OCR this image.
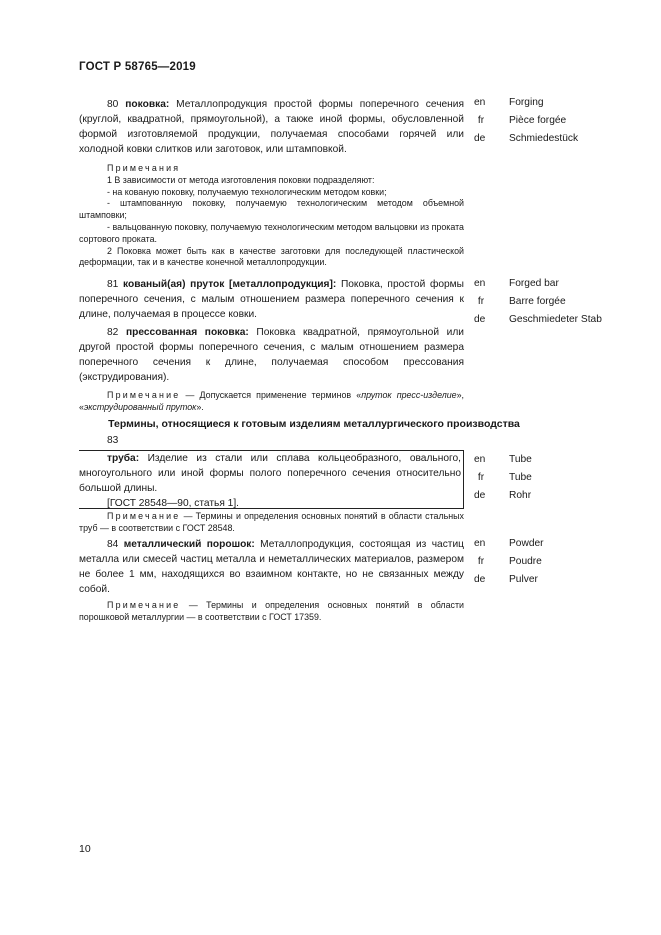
ГОСТ Р 58765—2019
80 поковка: Металлопродукция простой формы поперечного сечения (круглой, квадратной, прямоугольной), а также иной формы, обусловленной формой изготовляемой продукции, получаемая способами горячей или холодной ковки слитков или заготовок, или штамповкой.
en	Forging
fr	Pièce forgée
de	Schmiedestück
Примечания
1 В зависимости от метода изготовления поковки подразделяют:
- на кованую поковку, получаемую технологическим методом ковки;
- штампованную поковку, получаемую технологическим методом объемной штамповки;
- вальцованную поковку, получаемую технологическим методом вальцовки из проката сортового проката.
2 Поковка может быть как в качестве заготовки для последующей пластической деформации, так и в качестве конечной металлопродукции.
81 кованый(ая) пруток [металлопродукция]: Поковка, простой формы поперечного сечения, с малым отношением размера поперечного сечения к длине, получаемая в процессе ковки.
en	Forged bar
fr	Barre forgée
de	Geschmiedeter Stab
82 прессованная поковка: Поковка квадратной, прямоугольной или другой простой формы поперечного сечения, с малым отношением размера поперечного сечения к длине, получаемая способом прессования (экструдирования).
Примечание — Допускается применение терминов «пруток пресс-изделие», «экструдированный пруток».
Термины, относящиеся к готовым изделиям металлургического производства
83
труба: Изделие из стали или сплава кольцеобразного, овального, многоугольного или иной формы полого поперечного сечения относительно большой длины.
[ГОСТ 28548—90, статья 1].
en	Tube
fr	Tube
de	Rohr
Примечание — Термины и определения основных понятий в области стальных труб — в соответствии с ГОСТ 28548.
84 металлический порошок: Металлопродукция, состоящая из частиц металла или смесей частиц металла и неметаллических материалов, размером не более 1 мм, находящихся во взаимном контакте, но не связанных между собой.
en	Powder
fr	Poudre
de	Pulver
Примечание — Термины и определения основных понятий в области порошковой металлургии — в соответствии с ГОСТ 17359.
10
